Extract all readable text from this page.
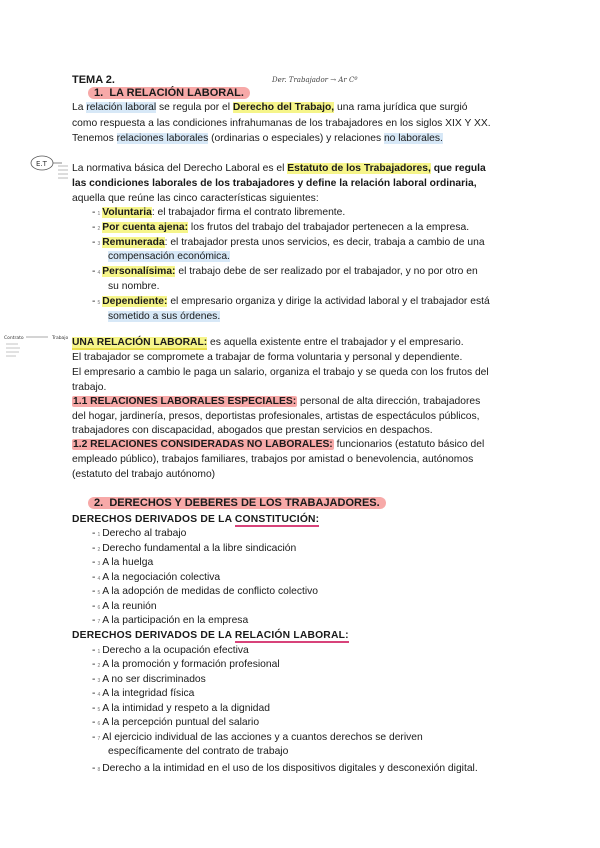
TEMA 2.	Der. Trabajador → Ar Cº
1. LA RELACIÓN LABORAL.
La relación laboral se regula por el Derecho del Trabajo, una rama jurídica que surgió
como respuesta a las condiciones infrahumanas de los trabajadores en los siglos XIX Y XX.
Tenemos relaciones laborales (ordinarias o especiales) y relaciones no laborales.
E.T La normativa básica del Derecho Laboral es el Estatuto de los Trabajadores, que regula
las condiciones laborales de los trabajadores y define la relación laboral ordinaria,
aquella que reúne las cinco características siguientes:
- 1 Voluntaria: el trabajador firma el contrato libremente.
- 2 Por cuenta ajena: los frutos del trabajo del trabajador pertenecen a la empresa.
- 3 Remunerada: el trabajador presta unos servicios, es decir, trabaja a cambio de una
compensación económica.
- 4 Personalísima: el trabajo debe de ser realizado por el trabajador, y no por otro en
su nombre.
- 5 Dependiente: el empresario organiza y dirige la actividad laboral y el trabajador está
sometido a sus órdenes.
Contrato	Trabajo UNA RELACIÓN LABORAL: es aquella existente entre el trabajador y el empresario.
El trabajador se compromete a trabajar de forma voluntaria y personal y dependiente.
El empresario a cambio le paga un salario, organiza el trabajo y se queda con los frutos del
trabajo.
1.1 RELACIONES LABORALES ESPECIALES: personal de alta dirección, trabajadores
del hogar, jardinería, presos, deportistas profesionales, artistas de espectáculos públicos,
trabajadores con discapacidad, abogados que prestan servicios en despachos.
1.2 RELACIONES CONSIDERADAS NO LABORALES: funcionarios (estatuto básico del
empleado público), trabajos familiares, trabajos por amistad o benevolencia, autónomos
(estatuto del trabajo autónomo)
2. DERECHOS Y DEBERES DE LOS TRABAJADORES.
DERECHOS DERIVADOS DE LA CONSTITUCIÓN:
- 1 Derecho al trabajo
- 2 Derecho fundamental a la libre sindicación
- 3 A la huelga
- 4 A la negociación colectiva
- 5 A la adopción de medidas de conflicto colectivo
- 6 A la reunión
- 7 A la participación en la empresa
DERECHOS DERIVADOS DE LA RELACIÓN LABORAL:
- 1 Derecho a la ocupación efectiva
- 2 A la promoción y formación profesional
- 3 A no ser discriminados
- 4 A la integridad física
- 5 A la intimidad y respeto a la dignidad
- 6 A la percepción puntual del salario
- 7 Al ejercicio individual de las acciones y a cuantos derechos se deriven
específicamente del contrato de trabajo
- 8 Derecho a la intimidad en el uso de los dispositivos digitales y desconexión digital.
